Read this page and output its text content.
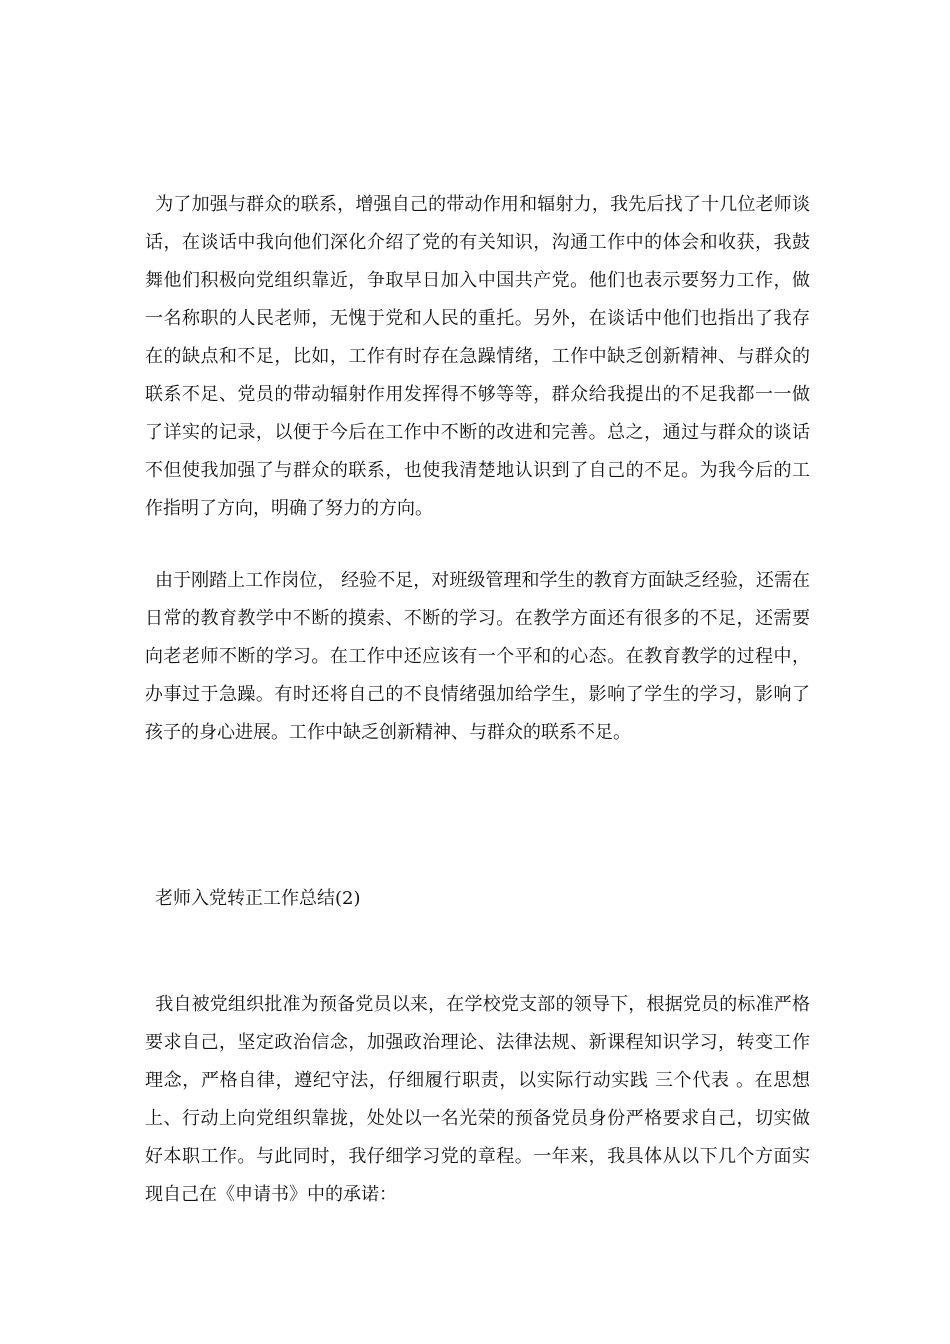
为了加强与群众的联系，增强自己的带动作用和辐射力，我先后找了十几位老师谈话，在谈话中我向他们深化介绍了党的有关知识，沟通工作中的体会和收获，我鼓舞他们积极向党组织靠近，争取早日加入中国共产党。他们也表示要努力工作，做一名称职的人民老师，无愧于党和人民的重托。另外，在谈话中他们也指出了我存在的缺点和不足，比如，工作有时存在急躁情绪，工作中缺乏创新精神、与群众的联系不足、党员的带动辐射作用发挥得不够等等，群众给我提出的不足我都一一做了详实的记录，以便于今后在工作中不断的改进和完善。总之，通过与群众的谈话不但使我加强了与群众的联系，也使我清楚地认识到了自己的不足。为我今后的工作指明了方向，明确了努力的方向。

由于刚踏上工作岗位， 经验不足，对班级管理和学生的教育方面缺乏经验，还需在日常的教育教学中不断的摸索、不断的学习。在教学方面还有很多的不足，还需要向老老师不断的学习。在工作中还应该有一个平和的心态。在教育教学的过程中，办事过于急躁。有时还将自己的不良情绪强加给学生，影响了学生的学习，影响了孩子的身心进展。工作中缺乏创新精神、与群众的联系不足。

老师入党转正工作总结(2)

我自被党组织批准为预备党员以来，在学校党支部的领导下，根据党员的标准严格要求自己，坚定政治信念，加强政治理论、法律法规、新课程知识学习，转变工作理念，严格自律，遵纪守法，仔细履行职责，以实际行动实践 三个代表 。在思想上、行动上向党组织靠拢，处处以一名光荣的预备党员身份严格要求自己，切实做好本职工作。与此同时，我仔细学习党的章程。一年来，我具体从以下几个方面实现自己在《申请书》中的承诺：
